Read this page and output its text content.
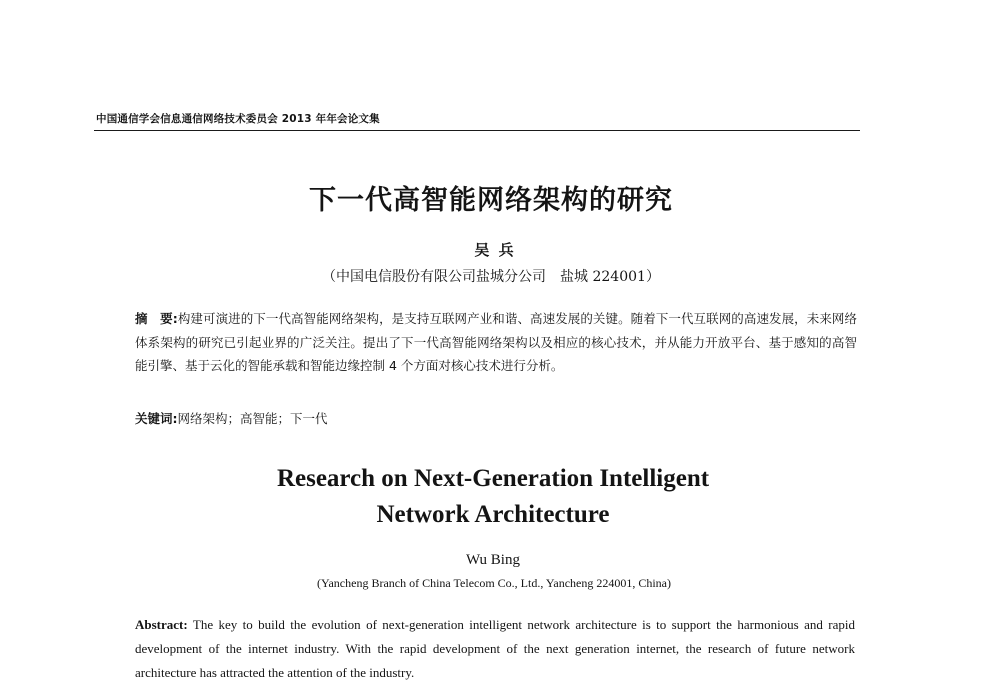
中国通信学会信息通信网络技术委员会 2013 年年会论文集
下一代高智能网络架构的研究
吴 兵
（中国电信股份有限公司盐城分公司　盐城 224001）

摘　要:构建可演进的下一代高智能网络架构，是支持互联网产业和谐、高速发展的关键。随着下一代互联网的高速发展，未来网络体系架构的研究已引起业界的广泛关注。提出了下一代高智能网络架构以及相应的核心技术，并从能力开放平台、基于感知的高智能引擎、基于云化的智能承载和智能边缘控制 4 个方面对核心技术进行分析。

关键词:网络架构；高智能；下一代
Research on Next-Generation Intelligent
Network Architecture
Wu Bing
(Yancheng Branch of China Telecom Co., Ltd., Yancheng 224001, China)

Abstract: The key to build the evolution of next-generation intelligent network architecture is to support the harmonious and rapid development of the internet industry. With the rapid development of the next generation internet, the research of future network architecture has attracted the attention of the industry.
